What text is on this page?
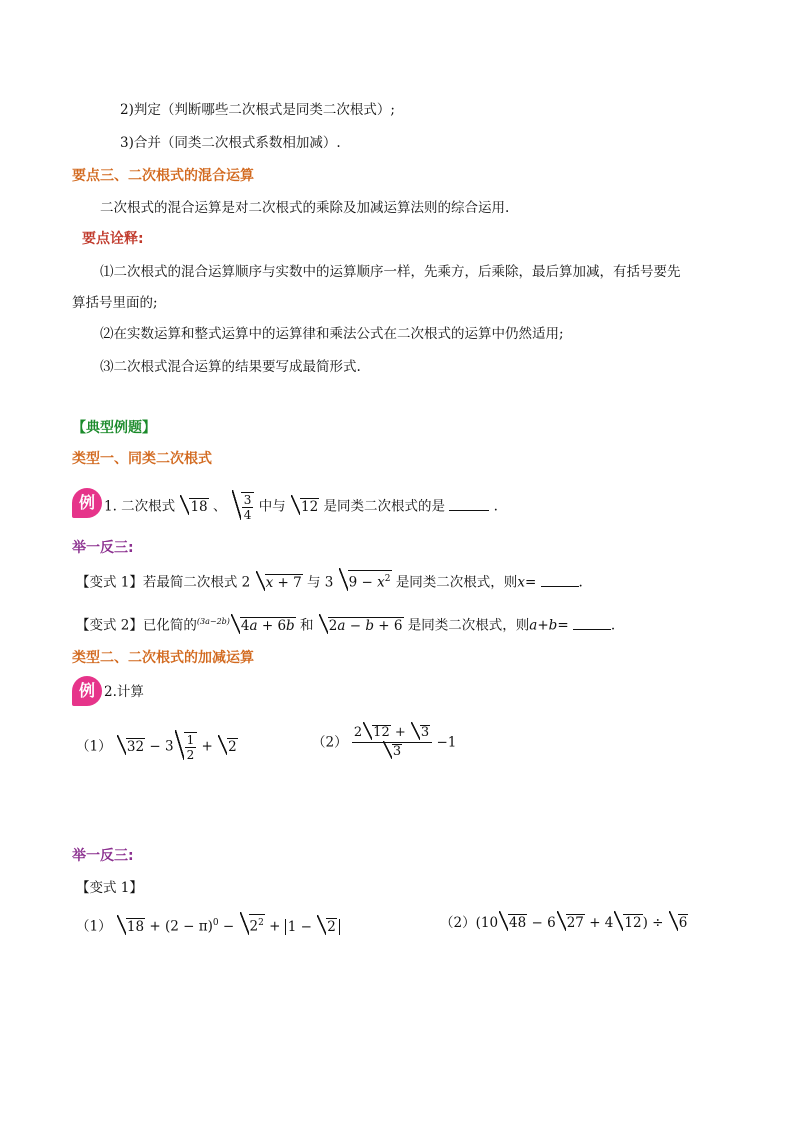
2)判定（判断哪些二次根式是同类二次根式）;
3)合并（同类二次根式系数相加减）.
要点三、二次根式的混合运算
二次根式的混合运算是对二次根式的乘除及加减运算法则的综合运用.
要点诠释:
⑴二次根式的混合运算顺序与实数中的运算顺序一样，先乘方，后乘除，最后算加减，有括号要先
算括号里面的;
⑵在实数运算和整式运算中的运算律和乘法公式在二次根式的运算中仍然适用;
⑶二次根式混合运算的结果要写成最简形式.
【典型例题】
类型一、同类二次根式
例 1. 二次根式 18 、 $\frac{3}{4}$ 中与 12 是同类二次根式的是	.
举一反三:
【变式 1】若最简二次根式 2 x + 7 与 3 $9 - x^2$ 是同类二次根式，则x=	.
【变式 2】已化简的$^{(3a-2b)}$ 4a + 6b 和 2a − b + 6 是同类二次根式，则a+b=	.
类型二、二次根式的加减运算
例 2.计算
（1） $32 - 3 \frac{1}{2} + 2$	$(2) \frac{2 12 + 3}{3} -1$
举一反三:
【变式 1】
（1） $18 + (2 - \pi)^0 - 2^2 + 1 - 2$	（2）(10 48 − 6 27 + 4 12) ÷ 6
